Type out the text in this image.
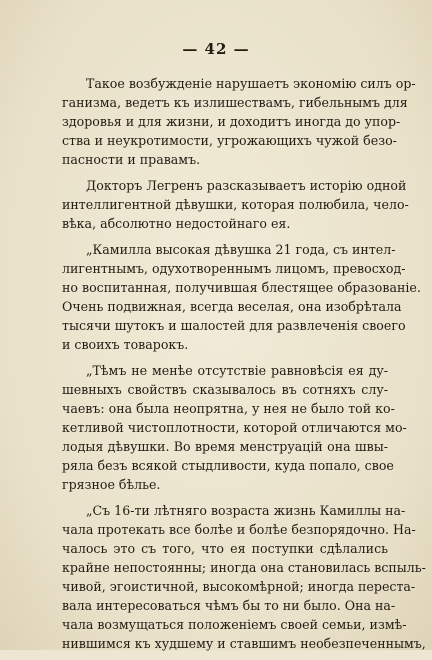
— 42 —
Такое возбужденіе нарушаетъ экономію силъ ор-
ганизма, ведетъ къ излишествамъ, гибельнымъ для
здоровья и для жизни, и доходитъ иногда до упор-
ства и неукротимости, угрожающихъ чужой безо-
пасности и правамъ.
Докторъ Легренъ разсказываетъ исторію одной
интеллигентной дѣвушки, которая полюбила, чело-
вѣка, абсолютно недостойнаго ея.
„Камилла высокая дѣвушка 21 года, съ интел-
лигентнымъ, одухотвореннымъ лицомъ, превосход-
но воспитанная, получившая блестящее образованіе.
Очень подвижная, всегда веселая, она изобрѣтала
тысячи шутокъ и шалостей для развлеченія своего
и своихъ товарокъ.
„Тѣмъ не менѣе отсутствіе равновѣсія ея ду-
шевныхъ свойствъ сказывалось въ сотняхъ слу-
чаевъ: она была неопрятна, у нея не было той ко-
кетливой чистоплотности, которой отличаются мо-
лодыя дѣвушки. Во время менструацій она швы-
ряла безъ всякой стыдливости, куда попало, свое
грязное бѣлье.
„Съ 16-ти лѣтняго возраста жизнь Камиллы на-
чала протекать все болѣе и болѣе безпорядочно. На-
чалось это съ того, что ея поступки сдѣлались
крайне непостоянны; иногда она становилась вспыль-
чивой, эгоистичной, высокомѣрной; иногда переста-
вала интересоваться чѣмъ бы то ни было. Она на-
чала возмущаться положеніемъ своей семьи, измѣ-
нившимся къ худшему и ставшимъ необезпеченнымъ,
